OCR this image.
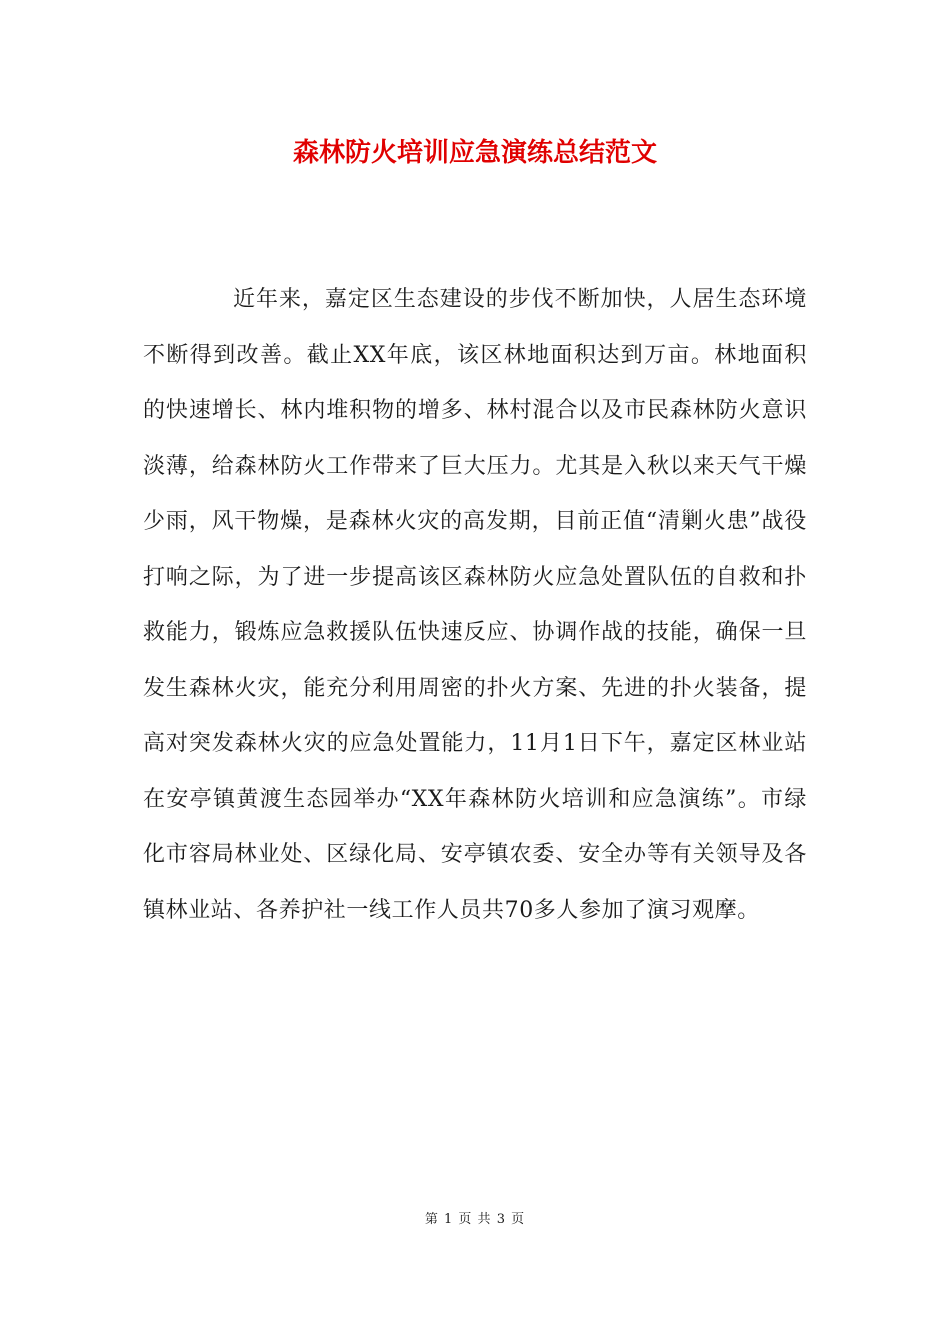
森林防火培训应急演练总结范文

近年来，嘉定区生态建设的步伐不断加快，人居生态环境不断得到改善。截止XX年底，该区林地面积达到万亩。林地面积的快速增长、林内堆积物的增多、林村混合以及市民森林防火意识淡薄，给森林防火工作带来了巨大压力。尤其是入秋以来天气干燥少雨，风干物燥，是森林火灾的高发期，目前正值“清剿火患”战役打响之际，为了进一步提高该区森林防火应急处置队伍的自救和扑救能力，锻炼应急救援队伍快速反应、协调作战的技能，确保一旦发生森林火灾，能充分利用周密的扑火方案、先进的扑火装备，提高对突发森林火灾的应急处置能力，11月1日下午，嘉定区林业站在安亭镇黄渡生态园举办“XX年森林防火培训和应急演练”。市绿化市容局林业处、区绿化局、安亭镇农委、安全办等有关领导及各镇林业站、各养护社一线工作人员共70多人参加了演习观摩。

第 1 页 共 3 页
